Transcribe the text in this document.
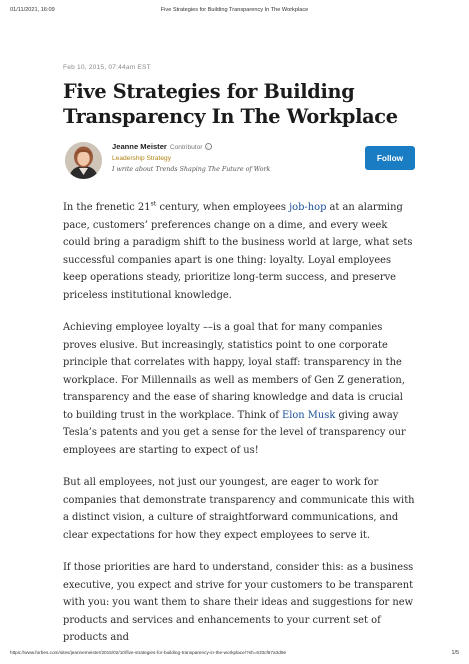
01/11/2021, 16:09	Five Strategies for Building Transparency In The Workplace
Feb 10, 2015, 07:44am EST
Five Strategies for Building Transparency In The Workplace
Jeanne Meister Contributor i
Leadership Strategy
I write about Trends Shaping The Future of Work
Follow

In the frenetic 21st century, when employees job-hop at an alarming pace, customers’ preferences change on a dime, and every week could bring a paradigm shift to the business world at large, what sets successful companies apart is one thing: loyalty. Loyal employees keep operations steady, prioritize long-term success, and preserve priceless institutional knowledge.

Achieving employee loyalty ––is a goal that for many companies proves elusive. But increasingly, statistics point to one corporate principle that correlates with happy, loyal staff: transparency in the workplace. For Millennails as well as members of Gen Z generation, transparency and the ease of sharing knowledge and data is crucial to building trust in the workplace. Think of Elon Musk giving away Tesla’s patents and you get a sense for the level of transparency our employees are starting to expect of us!

But all employees, not just our youngest, are eager to work for companies that demonstrate transparency and communicate this with a distinct vision, a culture of straightforward communications, and clear expectations for how they expect employees to serve it.

If those priorities are hard to understand, consider this: as a business executive, you expect and strive for your customers to be transparent with you: you want them to share their ideas and suggestions for new products and services and enhancements to your current set of products and

https://www.forbes.com/sites/jeannemeister/2015/02/10/five-strategies-for-building-transparency-in-the-workplace/?sh=633cf67a3d9e	1/5
